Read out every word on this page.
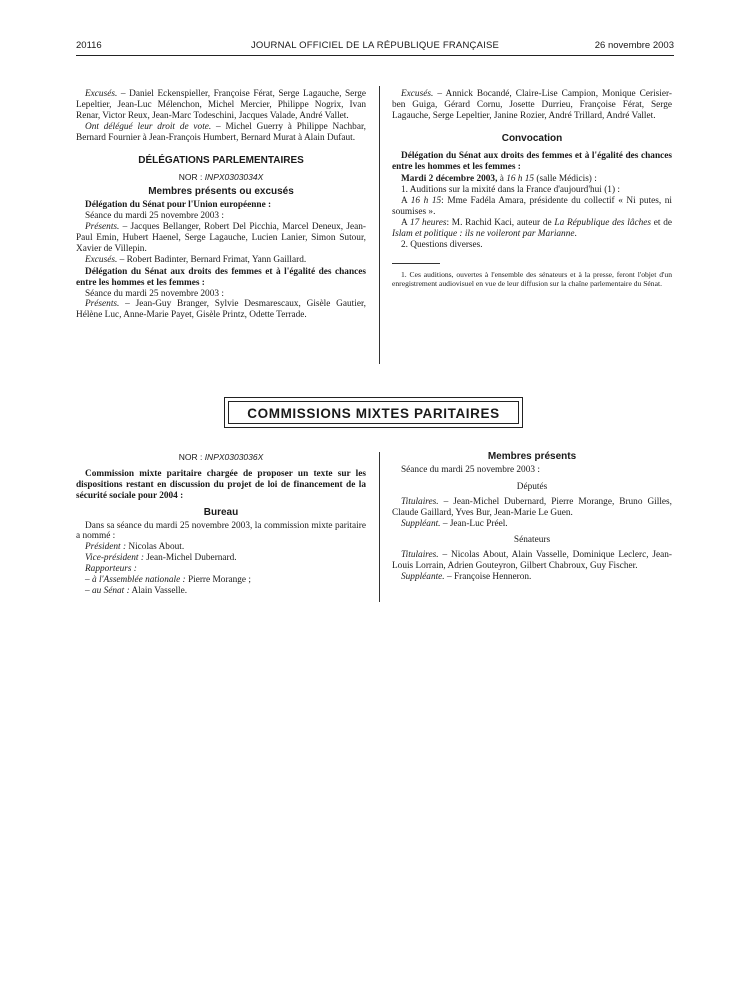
20116	JOURNAL OFFICIEL DE LA RÉPUBLIQUE FRANÇAISE	26 novembre 2003

Excusés. – Daniel Eckenspieller, Françoise Férat, Serge Lagauche, Serge Lepeltier, Jean-Luc Mélenchon, Michel Mercier, Philippe Nogrix, Ivan Renar, Victor Reux, Jean-Marc Todeschini, Jacques Valade, André Vallet.

Ont délégué leur droit de vote. – Michel Guerry à Philippe Nachbar, Bernard Fournier à Jean-François Humbert, Bernard Murat à Alain Dufaut.

DÉLÉGATIONS PARLEMENTAIRES
NOR : INPX0303034X
Membres présents ou excusés

Délégation du Sénat pour l'Union européenne :

Séance du mardi 25 novembre 2003 :

Présents. – Jacques Bellanger, Robert Del Picchia, Marcel Deneux, Jean-Paul Emin, Hubert Haenel, Serge Lagauche, Lucien Lanier, Simon Sutour, Xavier de Villepin.

Excusés. – Robert Badinter, Bernard Frimat, Yann Gaillard.

Délégation du Sénat aux droits des femmes et à l'égalité des chances entre les hommes et les femmes :

Séance du mardi 25 novembre 2003 :

Présents. – Jean-Guy Branger, Sylvie Desmarescaux, Gisèle Gautier, Hélène Luc, Anne-Marie Payet, Gisèle Printz, Odette Terrade.

Excusés. – Annick Bocandé, Claire-Lise Campion, Monique Cerisier-ben Guiga, Gérard Cornu, Josette Durrieu, Françoise Férat, Serge Lagauche, Serge Lepeltier, Janine Rozier, André Trillard, André Vallet.

Convocation

Délégation du Sénat aux droits des femmes et à l'égalité des chances entre les hommes et les femmes :

Mardi 2 décembre 2003, à 16 h 15 (salle Médicis) :

1. Auditions sur la mixité dans la France d'aujourd'hui (1) :

A 16 h 15: Mme Fadéla Amara, présidente du collectif « Ni putes, ni soumises ».

A 17 heures: M. Rachid Kaci, auteur de La République des lâches et de Islam et politique : ils ne voileront par Marianne.

2. Questions diverses.

1. Ces auditions, ouvertes à l'ensemble des sénateurs et à la presse, feront l'objet d'un enregistrement audiovisuel en vue de leur diffusion sur la chaîne parlementaire du Sénat.

COMMISSIONS MIXTES PARITAIRES
NOR : INPX0303036X

Commission mixte paritaire chargée de proposer un texte sur les dispositions restant en discussion du projet de loi de financement de la sécurité sociale pour 2004 :

Bureau

Dans sa séance du mardi 25 novembre 2003, la commission mixte paritaire a nommé :

Président : Nicolas About.

Vice-président : Jean-Michel Dubernard.

Rapporteurs :

– à l'Assemblée nationale : Pierre Morange ;

– au Sénat : Alain Vasselle.

Membres présents

Séance du mardi 25 novembre 2003 :

Députés

Titulaires. – Jean-Michel Dubernard, Pierre Morange, Bruno Gilles, Claude Gaillard, Yves Bur, Jean-Marie Le Guen.

Suppléant. – Jean-Luc Préel.

Sénateurs

Titulaires. – Nicolas About, Alain Vasselle, Dominique Leclerc, Jean-Louis Lorrain, Adrien Gouteyron, Gilbert Chabroux, Guy Fischer.

Suppléante. – Françoise Henneron.
